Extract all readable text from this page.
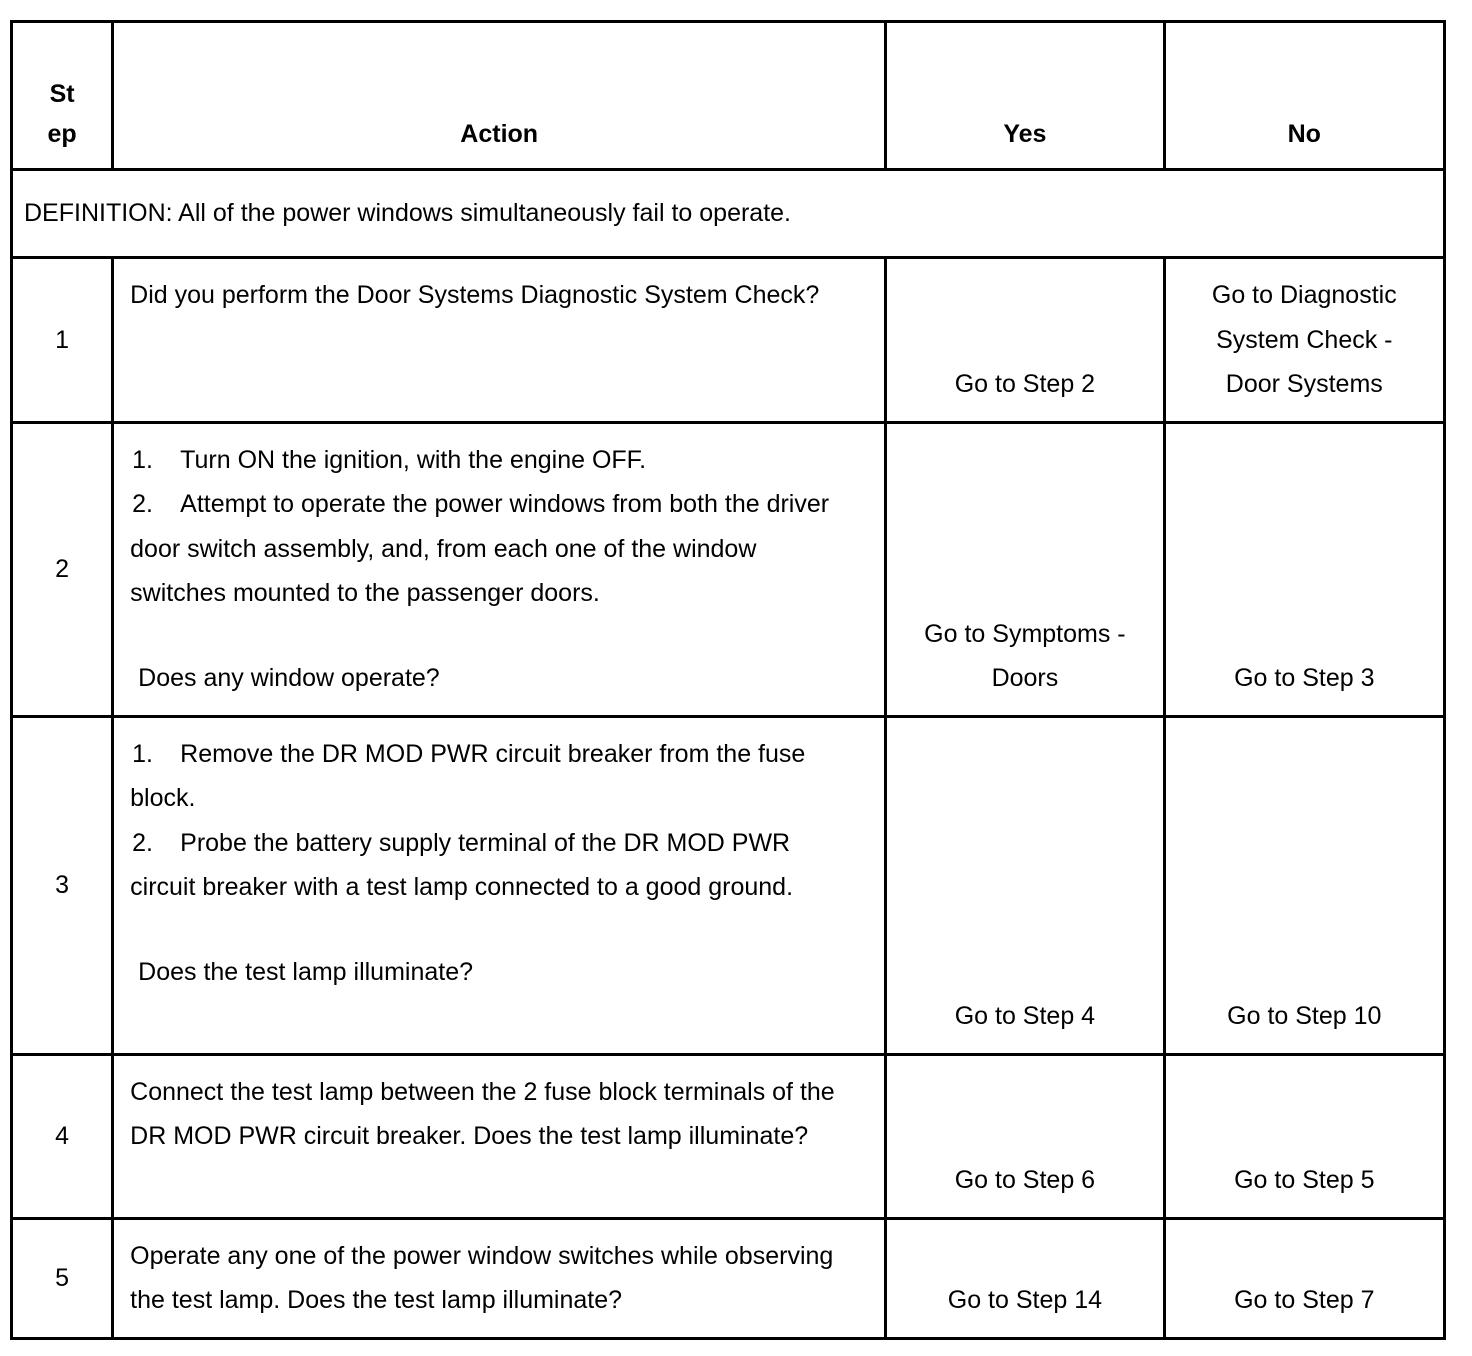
St
ep	Action	Yes	No
DEFINITION: All of the power windows simultaneously fail to operate.			
1	Did you perform the Door Systems Diagnostic System Check?	Go to Step 2	Go to Diagnostic
System Check -
Door Systems
2	1. Turn ON the ignition, with the engine OFF.
2. Attempt to operate the power windows from both the driver door switch assembly, and, from each one of the window switches mounted to the passenger doors.
Does any window operate?	Go to Symptoms -
Doors	Go to Step 3
3	1. Remove the DR MOD PWR circuit breaker from the fuse block.
2. Probe the battery supply terminal of the DR MOD PWR circuit breaker with a test lamp connected to a good ground.
Does the test lamp illuminate?	Go to Step 4	Go to Step 10
4	Connect the test lamp between the 2 fuse block terminals of the DR MOD PWR circuit breaker. Does the test lamp illuminate?	Go to Step 6	Go to Step 5
5	Operate any one of the power window switches while observing the test lamp. Does the test lamp illuminate?	Go to Step 14	Go to Step 7
